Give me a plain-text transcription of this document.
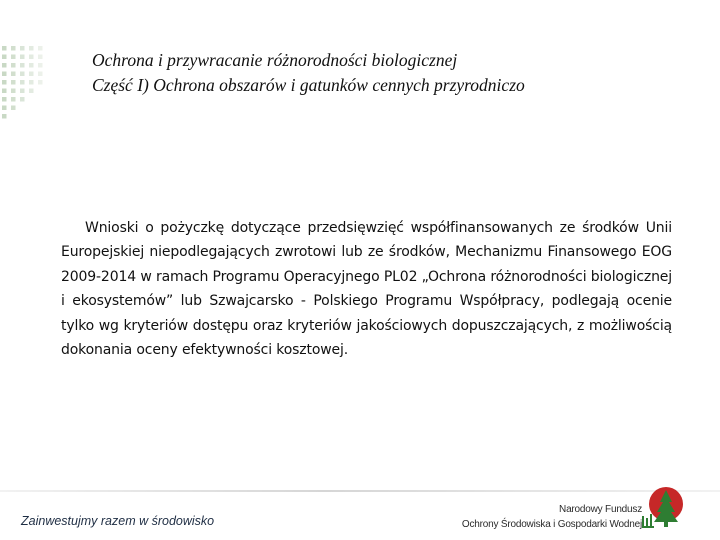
Ochrona i przywracanie różnorodności biologicznej
Część I) Ochrona obszarów i gatunków cennych przyrodniczo

Wnioski o pożyczkę dotyczące przedsięwzięć współfinansowanych ze środków Unii Europejskiej niepodlegających zwrotowi lub ze środków, Mechanizmu Finansowego EOG 2009-2014 w ramach Programu Operacyjnego PL02 „Ochrona różnorodności biologicznej i ekosystemów” lub Szwajcarsko - Polskiego Programu Współpracy, podlegają ocenie tylko wg kryteriów dostępu oraz kryteriów jakościowych dopuszczających, z możliwością dokonania oceny efektywności kosztowej.

Zainwestujmy razem w środowisko
Narodowy Fundusz
Ochrony Środowiska i Gospodarki Wodnej
